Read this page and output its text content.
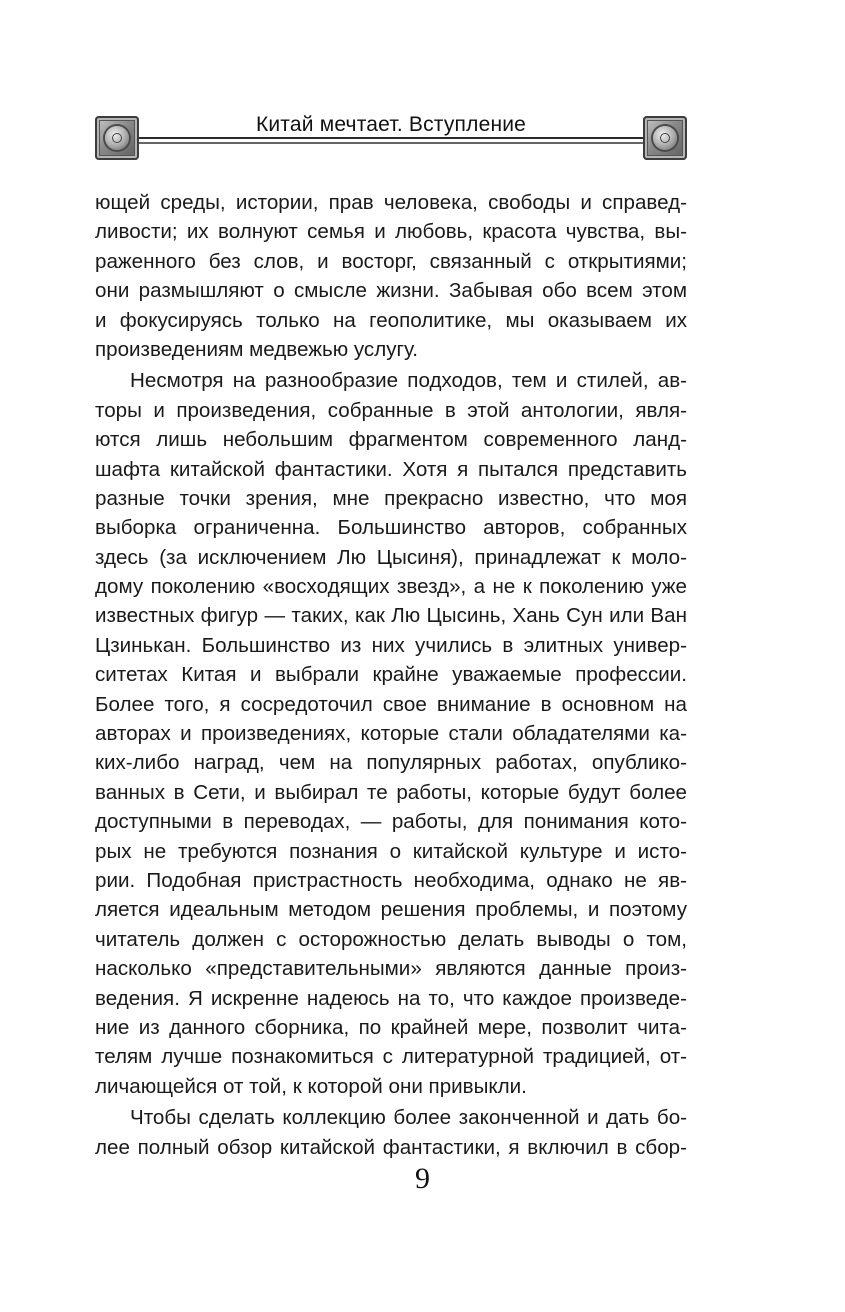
Китай мечтает. Вступление
ющей среды, истории, прав человека, свободы и справед-
ливости; их волнуют семья и любовь, красота чувства, вы-
раженного без слов, и восторг, связанный с открытиями;
они размышляют о смысле жизни. Забывая обо всем этом
и фокусируясь только на геополитике, мы оказываем их
произведениям медвежью услугу.
Несмотря на разнообразие подходов, тем и стилей, ав-
торы и произведения, собранные в этой антологии, явля-
ются лишь небольшим фрагментом современного ланд-
шафта китайской фантастики. Хотя я пытался представить
разные точки зрения, мне прекрасно известно, что моя
выборка ограниченна. Большинство авторов, собранных
здесь (за исключением Лю Цысиня), принадлежат к моло-
дому поколению «восходящих звезд», а не к поколению уже
известных фигур — таких, как Лю Цысинь, Хань Сун или Ван
Цзинькан. Большинство из них учились в элитных универ-
ситетах Китая и выбрали крайне уважаемые профессии.
Более того, я сосредоточил свое внимание в основном на
авторах и произведениях, которые стали обладателями ка-
ких-либо наград, чем на популярных работах, опублико-
ванных в Сети, и выбирал те работы, которые будут более
доступными в переводах, — работы, для понимания кото-
рых не требуются познания о китайской культуре и исто-
рии. Подобная пристрастность необходима, однако не яв-
ляется идеальным методом решения проблемы, и поэтому
читатель должен с осторожностью делать выводы о том,
насколько «представительными» являются данные произ-
ведения. Я искренне надеюсь на то, что каждое произведе-
ние из данного сборника, по крайней мере, позволит чита-
телям лучше познакомиться с литературной традицией, от-
личающейся от той, к которой они привыкли.
Чтобы сделать коллекцию более законченной и дать бо-
лее полный обзор китайской фантастики, я включил в сбор-
9
